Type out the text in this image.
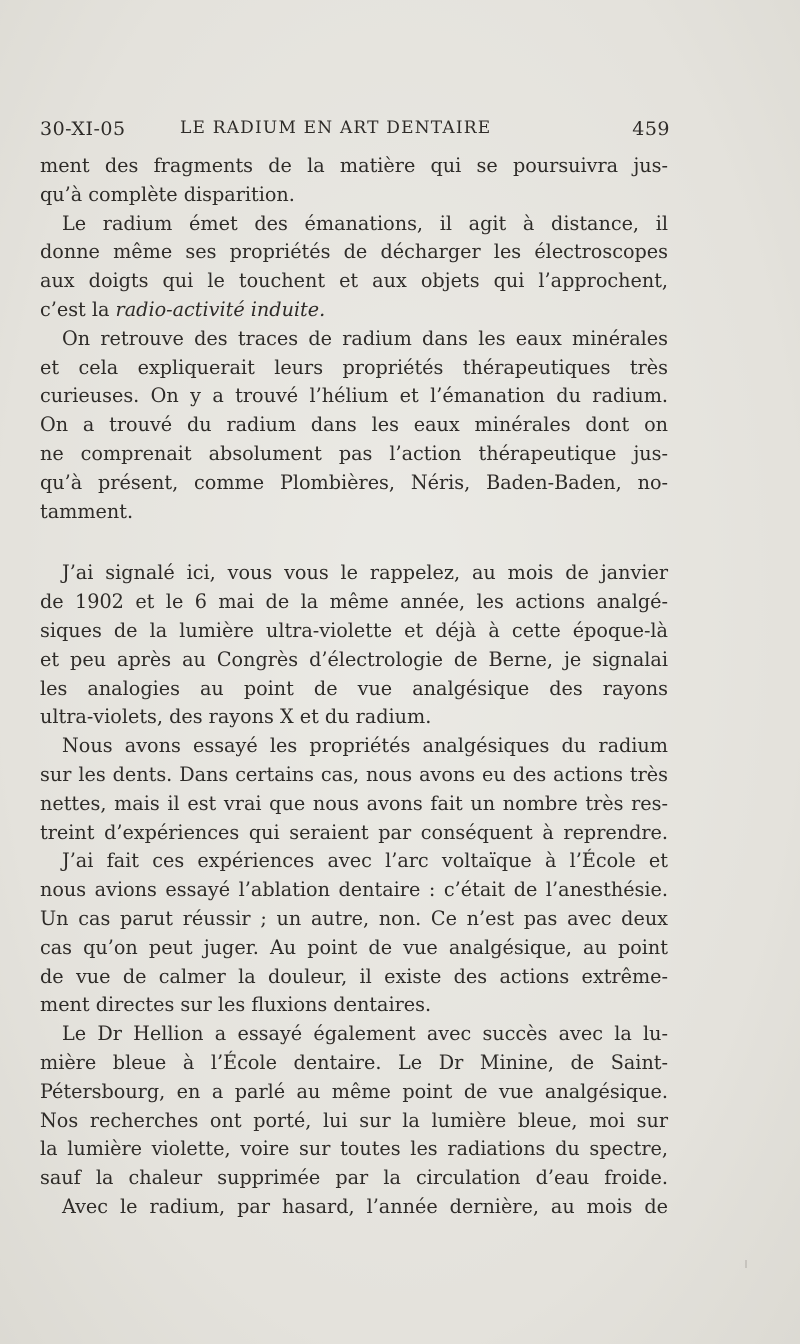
30-XI-05	LE RADIUM EN ART DENTAIRE	459
ment des fragments de la matière qui se poursuivra jus-
qu’à complète disparition.
Le radium émet des émanations, il agit à distance, il
donne même ses propriétés de décharger les électroscopes
aux doigts qui le touchent et aux objets qui l’approchent,
c’est la radio-activité induite.
On retrouve des traces de radium dans les eaux minérales
et cela expliquerait leurs propriétés thérapeutiques très
curieuses. On y a trouvé l’hélium et l’émanation du radium.
On a trouvé du radium dans les eaux minérales dont on
ne comprenait absolument pas l’action thérapeutique jus-
qu’à présent, comme Plombières, Néris, Baden-Baden, no-
tamment.
J’ai signalé ici, vous vous le rappelez, au mois de janvier
de 1902 et le 6 mai de la même année, les actions analgé-
siques de la lumière ultra-violette et déjà à cette époque-là
et peu après au Congrès d’électrologie de Berne, je signalai
les analogies au point de vue analgésique des rayons
ultra-violets, des rayons X et du radium.
Nous avons essayé les propriétés analgésiques du radium
sur les dents. Dans certains cas, nous avons eu des actions très
nettes, mais il est vrai que nous avons fait un nombre très res-
treint d’expériences qui seraient par conséquent à reprendre.
J’ai fait ces expériences avec l’arc voltaïque à l’École et
nous avions essayé l’ablation dentaire : c’était de l’anesthésie.
Un cas parut réussir ; un autre, non. Ce n’est pas avec deux
cas qu’on peut juger. Au point de vue analgésique, au point
de vue de calmer la douleur, il existe des actions extrême-
ment directes sur les fluxions dentaires.
Le Dr Hellion a essayé également avec succès avec la lu-
mière bleue à l’École dentaire. Le Dr Minine, de Saint-
Pétersbourg, en a parlé au même point de vue analgésique.
Nos recherches ont porté, lui sur la lumière bleue, moi sur
la lumière violette, voire sur toutes les radiations du spectre,
sauf la chaleur supprimée par la circulation d’eau froide.
Avec le radium, par hasard, l’année dernière, au mois de
